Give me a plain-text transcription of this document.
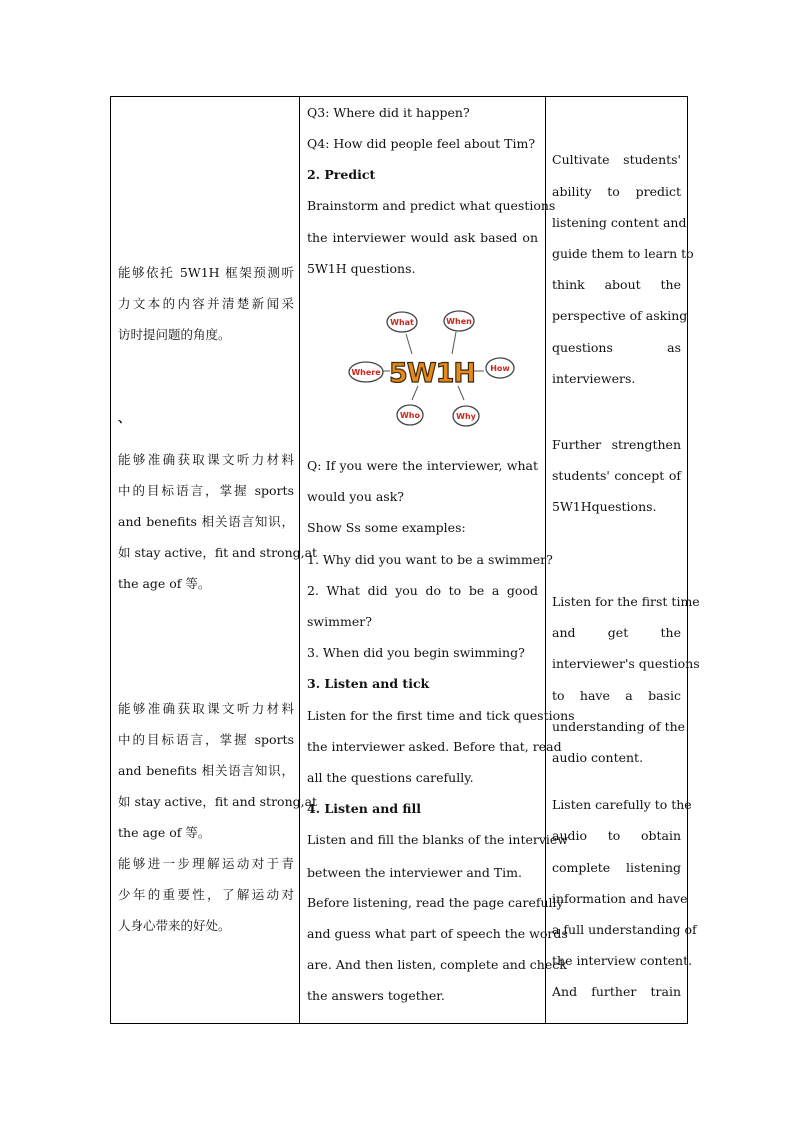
能够依托 5W1H 框架预测听
力文本的内容并清楚新闻采
访时提问题的角度。
、
能够准确获取课文听力材料
中的目标语言，掌握 sports
and benefits 相关语言知识，
如 stay active，fit and strong,at
the age of 等。
能够准确获取课文听力材料
中的目标语言，掌握 sports
and benefits 相关语言知识，
如 stay active，fit and strong,at
the age of 等。
能够进一步理解运动对于青
少年的重要性，了解运动对
人身心带来的好处。

Q3: Where did it happen?
Q4: How did people feel about Tim?
2. Predict
Brainstorm and predict what questions
the interviewer would ask based on
5W1H questions.
What	When
How
Why
Who
Where 5W1H
Q: If you were the interviewer, what
would you ask?
Show Ss some examples:
1. Why did you want to be a swimmer?
2. What did you do to be a good
swimmer?
3. When did you begin swimming?
3. Listen and tick
Listen for the first time and tick questions
the interviewer asked. Before that, read
all the questions carefully.
4. Listen and fill
Listen and fill the blanks of the interview
between the interviewer and Tim.
Before listening, read the page carefully
and guess what part of speech the words
are. And then listen, complete and check
the answers together.

Cultivate students'
ability to predict
listening content and
guide them to learn to
think about the
perspective of asking
questions as
interviewers.
Further strengthen
students' concept of
5W1Hquestions.
Listen for the first time
and get the
interviewer's questions
to have a basic
understanding of the
audio content.
Listen carefully to the
audio to obtain
complete listening
information and have
a full understanding of
the interview content.
And further train
